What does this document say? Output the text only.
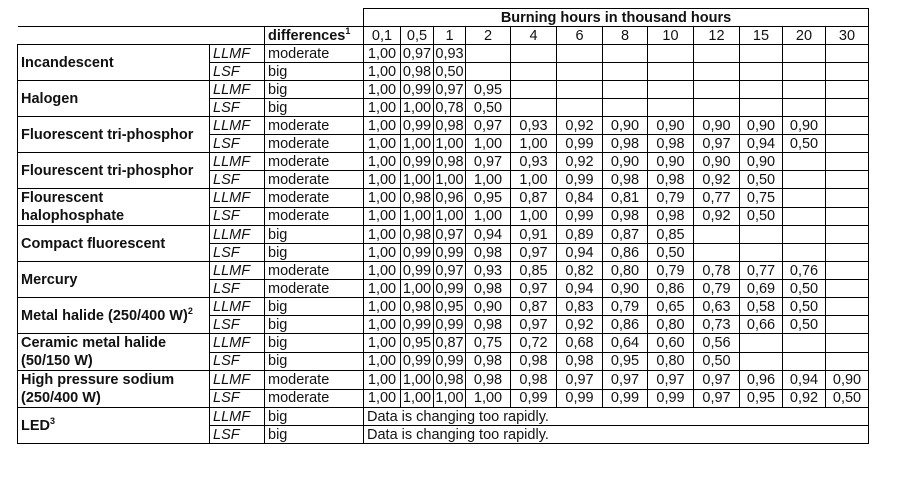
			Burning hours in thousand hours											
		differences$^1$	0,1	0,5	1	2	4	6	8	10	12	15	20	30
Incandescent	LLMF	moderate	1,00	0,97	0,93									
	LSF	big	1,00	0,98	0,50									
Halogen	LLMF	big	1,00	0,99	0,97	0,95								
	LSF	big	1,00	1,00	0,78	0,50								
Fluorescent tri-phosphor	LLMF	moderate	1,00	0,99	0,98	0,97	0,93	0,92	0,90	0,90	0,90	0,90	0,90	
	LSF	moderate	1,00	1,00	1,00	1,00	1,00	0,99	0,98	0,98	0,97	0,94	0,50	
Flourescent tri-phosphor	LLMF	moderate	1,00	0,99	0,98	0,97	0,93	0,92	0,90	0,90	0,90	0,90		
	LSF	moderate	1,00	1,00	1,00	1,00	1,00	0,99	0,98	0,98	0,92	0,50		
Flourescent halophosphate	LLMF	moderate	1,00	0,98	0,96	0,95	0,87	0,84	0,81	0,79	0,77	0,75		
	LSF	moderate	1,00	1,00	1,00	1,00	1,00	0,99	0,98	0,98	0,92	0,50		
Compact fluorescent	LLMF	big	1,00	0,98	0,97	0,94	0,91	0,89	0,87	0,85				
	LSF	big	1,00	0,99	0,99	0,98	0,97	0,94	0,86	0,50				
Mercury	LLMF	moderate	1,00	0,99	0,97	0,93	0,85	0,82	0,80	0,79	0,78	0,77	0,76	
	LSF	moderate	1,00	1,00	0,99	0,98	0,97	0,94	0,90	0,86	0,79	0,69	0,50	
Metal halide (250/400 W)$^2$	LLMF	big	1,00	0,98	0,95	0,90	0,87	0,83	0,79	0,65	0,63	0,58	0,50	
	LSF	big	1,00	0,99	0,99	0,98	0,97	0,92	0,86	0,80	0,73	0,66	0,50	
Ceramic metal halide (50/150 W)	LLMF	big	1,00	0,95	0,87	0,75	0,72	0,68	0,64	0,60	0,56			
	LSF	big	1,00	0,99	0,99	0,98	0,98	0,98	0,95	0,80	0,50			
High pressure sodium (250/400 W)	LLMF	moderate	1,00	1,00	0,98	0,98	0,98	0,97	0,97	0,97	0,97	0,96	0,94	0,90
	LSF	moderate	1,00	1,00	1,00	1,00	0,99	0,99	0,99	0,99	0,97	0,95	0,92	0,50
LED$^3$	LLMF	big	Data is changing too rapidly.											
	LSF	big	Data is changing too rapidly.											
